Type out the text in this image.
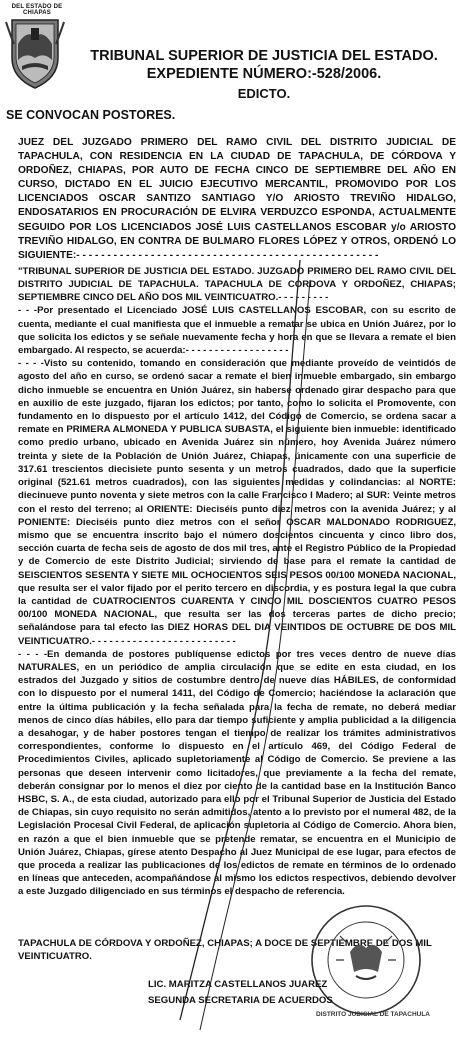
DEL ESTADO DE CHIAPAS
TRIBUNAL SUPERIOR DE JUSTICIA DEL ESTADO.
EXPEDIENTE NÚMERO:-528/2006.
EDICTO.
SE CONVOCAN POSTORES.

JUEZ DEL JUZGADO PRIMERO DEL RAMO CIVIL DEL DISTRITO JUDICIAL DE TAPACHULA, CON RESIDENCIA EN LA CIUDAD DE TAPACHULA, DE CÓRDOVA Y ORDOÑEZ, CHIAPAS, POR AUTO DE FECHA CINCO DE SEPTIEMBRE DEL AÑO EN CURSO, DICTADO EN EL JUICIO EJECUTIVO MERCANTIL, PROMOVIDO POR LOS LICENCIADOS OSCAR SANTIZO SANTIAGO Y/O ARIOSTO TREVIÑO HIDALGO, ENDOSATARIOS EN PROCURACIÓN DE ELVIRA VERDUZCO ESPONDA, ACTUALMENTE SEGUIDO POR LOS LICENCIADOS JOSÉ LUIS CASTELLANOS ESCOBAR y/o ARIOSTO TREVIÑO HIDALGO, EN CONTRA DE BULMARO FLORES LÓPEZ Y OTROS, ORDENÓ LO SIGUIENTE:- - - - - - - - - - - - - - - - - - - - - - - - - - - - - - - - - - - - - - - - - - - - - - - - -

"TRIBUNAL SUPERIOR DE JUSTICIA DEL ESTADO. JUZGADO PRIMERO DEL RAMO CIVIL DEL DISTRITO JUDICIAL DE TAPACHULA. TAPACHULA DE CORDOVA Y ORDOÑEZ, CHIAPAS; SEPTIEMBRE CINCO DEL AÑO DOS MIL VEINTICUATRO.- - - - - - - - -

- - -Por presentado el Licenciado JOSÉ LUIS CASTELLANOS ESCOBAR, con su escrito de cuenta, mediante el cual manifiesta que el inmueble a rematar se ubica en Unión Juárez, por lo que solicita los edictos y se señale nuevamente fecha y hora en que se llevara a remate el bien embargado. Al respecto, se acuerda:- - - - - - - - - - - - - - - - - -

- - - -Visto su contenido, tomando en consideración que mediante proveído de veintidós de agosto del año en curso, se ordenó sacar a remate el bien inmueble embargado, sin embargo dicho inmueble se encuentra en Unión Juárez, sin haberse ordenado girar despacho para que en auxilio de este juzgado, fijaran los edictos; por tanto, como lo solicita el Promovente, con fundamento en lo dispuesto por el artículo 1412, del Código de Comercio, se ordena sacar a remate en PRIMERA ALMONEDA Y PUBLICA SUBASTA, el siguiente bien inmueble: identificado como predio urbano, ubicado en Avenida Juárez sin número, hoy Avenida Juárez número treinta y siete de la Población de Unión Juárez, Chiapas, únicamente con una superficie de 317.61 trescientos diecisiete punto sesenta y un metros cuadrados, dado que la superficie original (521.61 metros cuadrados), con las siguientes medidas y colindancias: al NORTE: diecinueve punto noventa y siete metros con la calle Francisco I Madero; al SUR: Veinte metros con el resto del terreno; al ORIENTE: Dieciséis punto diez metros con la avenida Juárez; y al PONIENTE: Dieciséis punto diez metros con el señor OSCAR MALDONADO RODRIGUEZ, mismo que se encuentra inscrito bajo el número doscientos cincuenta y cinco libro dos, sección cuarta de fecha seis de agosto de dos mil tres, ante el Registro Público de la Propiedad y de Comercio de este Distrito Judicial; sirviendo de base para el remate la cantidad de SEISCIENTOS SESENTA Y SIETE MIL OCHOCIENTOS SEIS PESOS 00/100 MONEDA NACIONAL, que resulta ser el valor fijado por el perito tercero en discordia, y es postura legal la que cubra la cantidad de CUATROCIENTOS CUARENTA Y CINCO MIL DOSCIENTOS CUATRO PESOS 00/100 MONEDA NACIONAL, que resulta ser las dos terceras partes de dicho precio; señalándose para tal efecto las DIEZ HORAS DEL DIA VEINTIDOS DE OCTUBRE DE DOS MIL VEINTICUATRO.- - - - - - - - - - - - - - - - - - - - - - - - -

- - - -En demanda de postores publíquense edictos por tres veces dentro de nueve días NATURALES, en un periódico de amplia circulación que se edite en esta ciudad, en los estrados del Juzgado y sitios de costumbre dentro de nueve días HÁBILES, de conformidad con lo dispuesto por el numeral 1411, del Código de Comercio; haciéndose la aclaración que entre la última publicación y la fecha señalada para la fecha de remate, no deberá mediar menos de cinco días hábiles, ello para dar tiempo suficiente y amplia publicidad a la diligencia a desahogar, y de haber postores tengan el tiempo de realizar los trámites administrativos correspondientes, conforme lo dispuesto en el artículo 469, del Código Federal de Procedimientos Civiles, aplicado supletoriamente al Código de Comercio. Se previene a las personas que deseen intervenir como licitadores, que previamente a la fecha del remate, deberán consignar por lo menos el diez por ciento de la cantidad base en la Institución Banco HSBC, S. A., de esta ciudad, autorizado para ello por el Tribunal Superior de Justicia del Estado de Chiapas, sin cuyo requisito no serán admitidos, atento a lo previsto por el numeral 482, de la Legislación Procesal Civil Federal, de aplicación supletoria al Código de Comercio. Ahora bien, en razón a que el bien inmueble que se pretende rematar, se encuentra en el Municipio de Unión Juárez, Chiapas, gírese atento Despacho al Juez Municipal de ese lugar, para efectos de que proceda a realizar las publicaciones de los edictos de remate en términos de lo ordenado en líneas que anteceden, acompañándose al mismo los edictos respectivos, debiendo devolver a este Juzgado diligenciado en sus términos el despacho de referencia.

TAPACHULA DE CÓRDOVA Y ORDOÑEZ, CHIAPAS; A DOCE DE SEPTIEMBRE DE DOS MIL VEINTICUATRO.
LIC. MARITZA CASTELLANOS JUAREZ
SEGUNDA SECRETARIA DE ACUERDOS
DISTRITO JUDICIAL DE TAPACHULA
